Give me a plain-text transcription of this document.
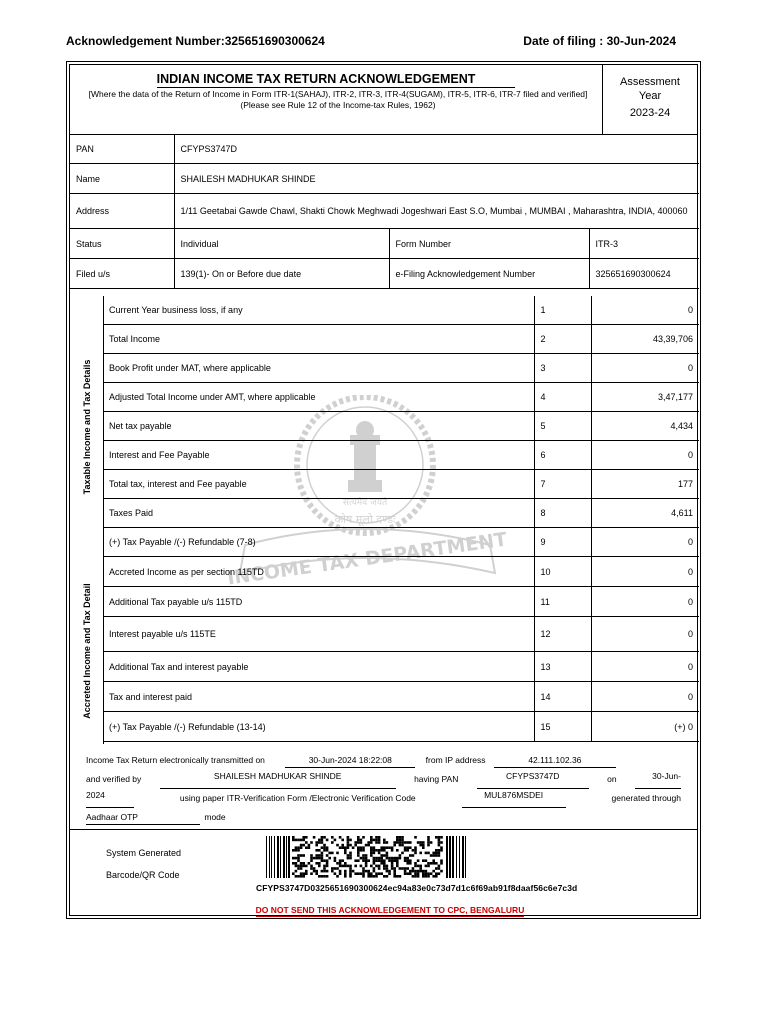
Acknowledgement Number:325651690300624	Date of filing : 30-Jun-2024
INDIAN INCOME TAX RETURN ACKNOWLEDGEMENT
[Where the data of the Return of Income in Form ITR-1(SAHAJ), ITR-2, ITR-3, ITR-4(SUGAM), ITR-5, ITR-6, ITR-7 filed and verified]
(Please see Rule 12 of the Income-tax Rules, 1962)
Assessment
Year
2023-24
PAN	CFYPS3747D		
Name	SHAILESH MADHUKAR SHINDE		
Address	1/11 Geetabai Gawde Chawl, Shakti Chowk Meghwadi Jogeshwari East S.O, Mumbai , MUMBAI , Maharashtra, INDIA, 400060		
Status	Individual	Form Number	ITR-3
Filed u/s	139(1)- On or Before due date	e-Filing Acknowledgement Number	325651690300624
Taxable Income and Tax Details
Current Year business loss, if any	1	0
Total Income	2	43,39,706
Book Profit under MAT, where applicable	3	0
Adjusted Total Income under AMT, where applicable	4	3,47,177
Net tax payable	5	4,434
Interest and Fee Payable	6	0
Total tax, interest and Fee payable	7	177
Taxes Paid	8	4,611
(+) Tax Payable /(-) Refundable (7-8)	9	0
Accreted Income and Tax Detail
Accreted Income as per section 115TD	10	0
Additional Tax payable u/s 115TD	11	0
Interest payable u/s 115TE	12	0
Additional Tax and interest payable	13	0
Tax and interest paid	14	0
(+) Tax Payable /(-) Refundable (13-14)	15	(+) 0
Income Tax Return electronically transmitted on	30-Jun-2024 18:22:08	from IP address	42.111.102.36
and verified by	SHAILESH MADHUKAR SHINDE	having PAN	CFYPS3747D	on	30-Jun-
2024	using paper ITR-Verification Form /Electronic Verification Code	MUL876MSDEI	generated through
Aadhaar OTP	mode
System Generated
Barcode/QR Code
CFYPS3747D0325651690300624ec94a83e0c73d7d1c6f69ab91f8daaf56c6e7c3d
DO NOT SEND THIS ACKNOWLEDGEMENT TO CPC, BENGALURU
सत्यमेव जयते
कोष मूलो दण्डः
INCOME TAX DEPARTMENT
